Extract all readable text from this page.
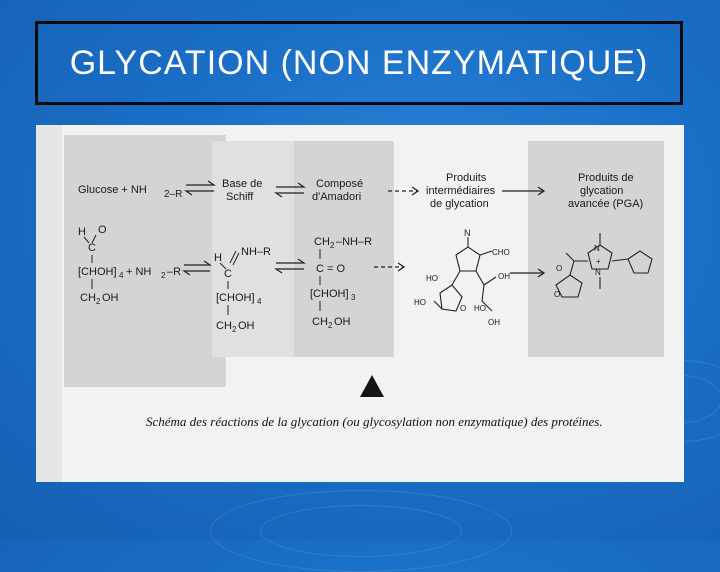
GLYCATION (NON ENZYMATIQUE)
Glucose + NH 2–R
Base de
Schiff
Composé
d'Amadori
Produits
intermédiaires
de glycation
Produits de
glycation
avancée (PGA)
H O
C
[CHOH] 4 + NH 2 –R
CH 2 OH
H NH–R
C
[CHOH] 4
CH 2 OH
CH 2 –NH–R
C = O
[CHOH] 3
CH 2 OH
N
CHO
HO	OH
HO
O HO
OH
N
+
N
O
O
Schéma des réactions de la glycation (ou glycosylation non enzymatique) des protéines.
